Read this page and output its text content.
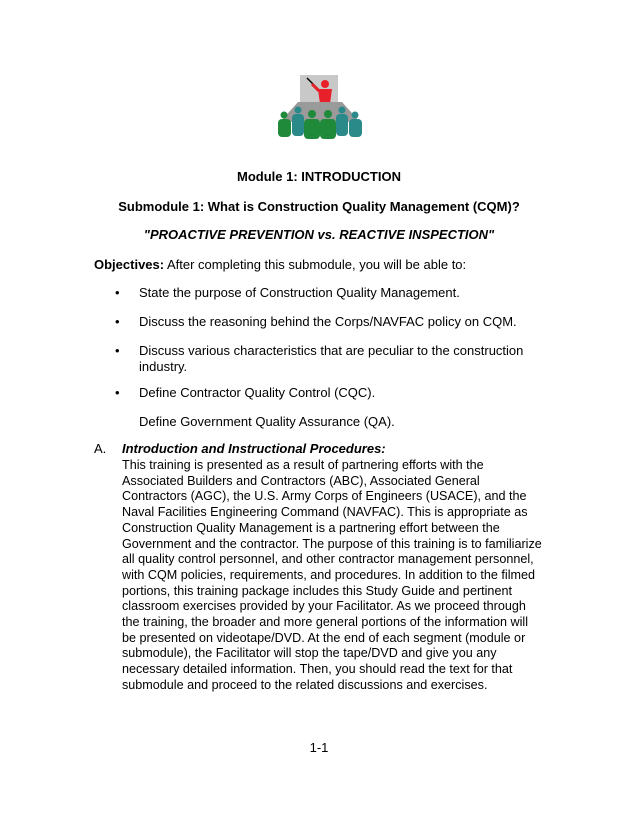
Module 1: INTRODUCTION
Submodule 1: What is Construction Quality Management (CQM)?
"PROACTIVE PREVENTION vs. REACTIVE INSPECTION"
Objectives: After completing this submodule, you will be able to:
• State the purpose of Construction Quality Management.
• Discuss the reasoning behind the Corps/NAVFAC policy on CQM.
• Discuss various characteristics that are peculiar to the construction industry.
• Define Contractor Quality Control (CQC).
Define Government Quality Assurance (QA).
A. Introduction and Instructional Procedures:
This training is presented as a result of partnering efforts with the
Associated Builders and Contractors (ABC), Associated General
Contractors (AGC), the U.S. Army Corps of Engineers (USACE), and the
Naval Facilities Engineering Command (NAVFAC). This is appropriate as
Construction Quality Management is a partnering effort between the
Government and the contractor. The purpose of this training is to familiarize
all quality control personnel, and other contractor management personnel,
with CQM policies, requirements, and procedures. In addition to the filmed
portions, this training package includes this Study Guide and pertinent
classroom exercises provided by your Facilitator. As we proceed through
the training, the broader and more general portions of the information will
be presented on videotape/DVD. At the end of each segment (module or
submodule), the Facilitator will stop the tape/DVD and give you any
necessary detailed information. Then, you should read the text for that
submodule and proceed to the related discussions and exercises.
1-1
